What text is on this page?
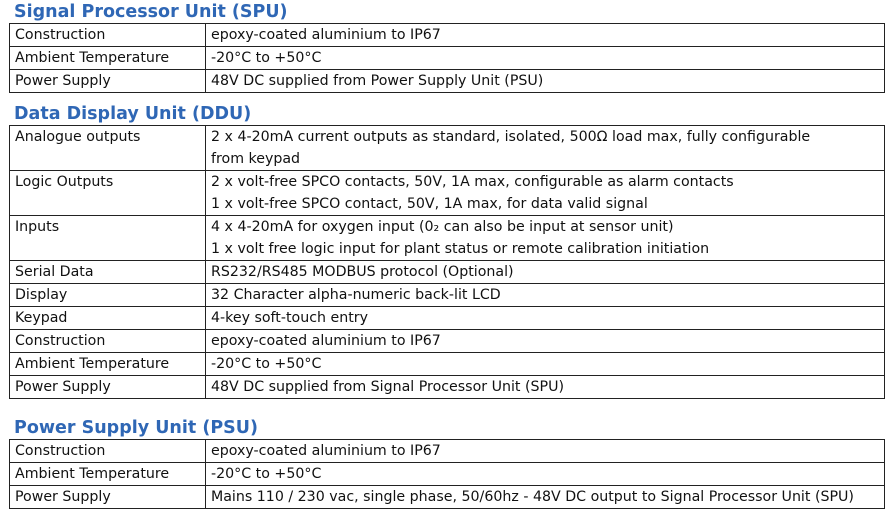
Signal Processor Unit (SPU)
Construction	epoxy-coated aluminium to IP67

Ambient Temperature	-20°C to +50°C

Power Supply	48V DC supplied from Power Supply Unit (PSU)
Data Display Unit (DDU)
Analogue outputs	2 x 4-20mA current outputs as standard, isolated, 500Ω load max, fully configurable
from keypad

Logic Outputs	2 x volt-free SPCO contacts, 50V, 1A max, configurable as alarm contacts
1 x volt-free SPCO contact, 50V, 1A max, for data valid signal

Inputs	4 x 4-20mA for oxygen input (0₂ can also be input at sensor unit)
1 x volt free logic input for plant status or remote calibration initiation

Serial Data	RS232/RS485 MODBUS protocol (Optional)

Display	32 Character alpha-numeric back-lit LCD

Keypad	4-key soft-touch entry

Construction	epoxy-coated aluminium to IP67

Ambient Temperature	-20°C to +50°C

Power Supply	48V DC supplied from Signal Processor Unit (SPU)
Power Supply Unit (PSU)
Construction	epoxy-coated aluminium to IP67

Ambient Temperature	-20°C to +50°C

Power Supply	Mains 110 / 230 vac, single phase, 50/60hz - 48V DC output to Signal Processor Unit (SPU)
